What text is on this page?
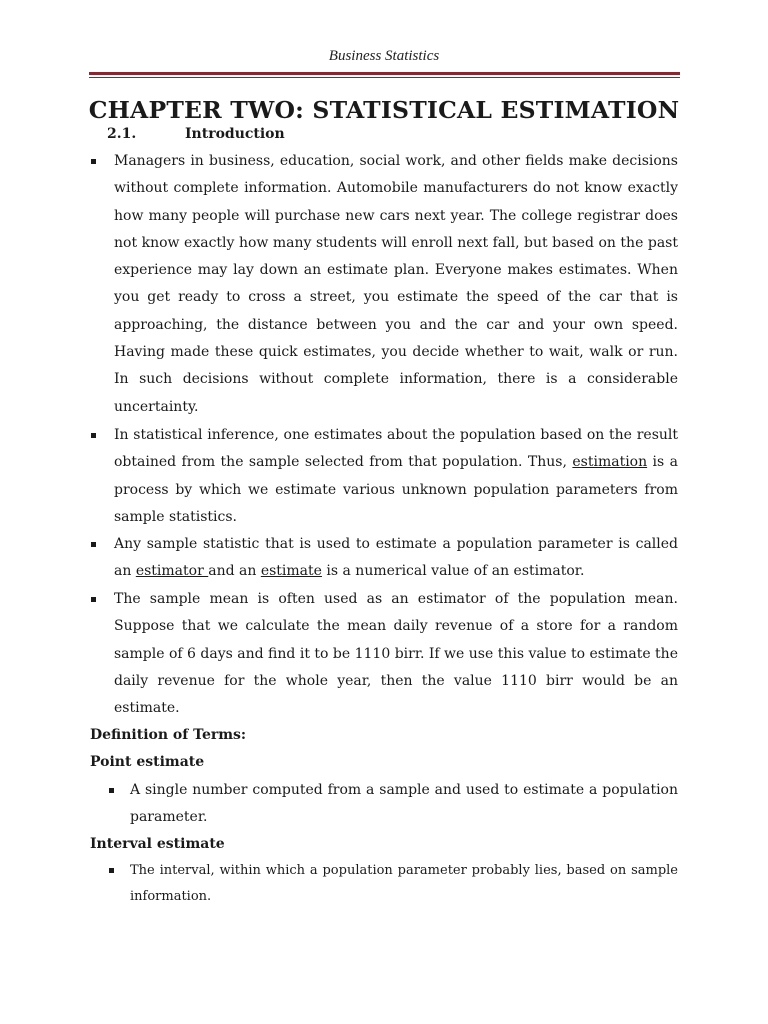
Business Statistics
CHAPTER TWO: STATISTICAL ESTIMATION
2.1.	Introduction
Managers in business, education, social work, and other fields make decisions without complete information. Automobile manufacturers do not know exactly how many people will purchase new cars next year. The college registrar does not know exactly how many students will enroll next fall, but based on the past experience may lay down an estimate plan. Everyone makes estimates. When you get ready to cross a street, you estimate the speed of the car that is approaching, the distance between you and the car and your own speed. Having made these quick estimates, you decide whether to wait, walk or run. In such decisions without complete information, there is a considerable uncertainty.
In statistical inference, one estimates about the population based on the result obtained from the sample selected from that population. Thus, estimation is a process by which we estimate various unknown population parameters from sample statistics.
Any sample statistic that is used to estimate a population parameter is called an estimator and an estimate is a numerical value of an estimator.
The sample mean is often used as an estimator of the population mean. Suppose that we calculate the mean daily revenue of a store for a random sample of 6 days and find it to be 1110 birr. If we use this value to estimate the daily revenue for the whole year, then the value 1110 birr would be an estimate.
Definition of Terms:
Point estimate
A single number computed from a sample and used to estimate a population parameter.
Interval estimate
The interval, within which a population parameter probably lies, based on sample information.
